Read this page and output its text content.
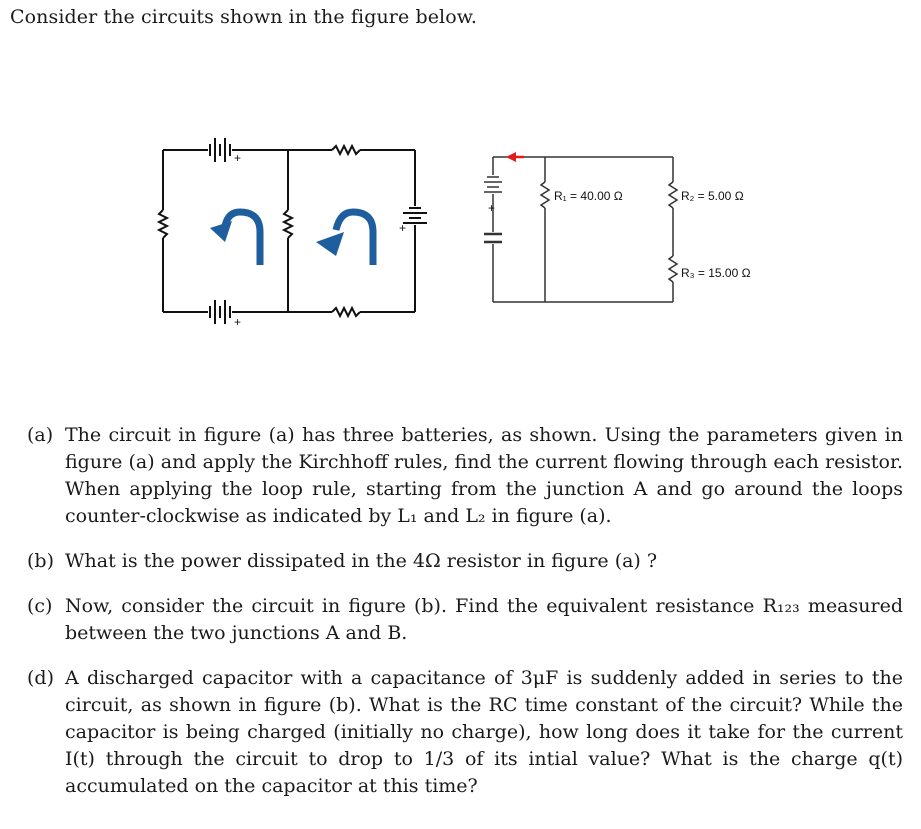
Consider the circuits shown in the figure below.
+
+
+
+
R₁ = 40.00 Ω	R₂ = 5.00 Ω
R₃ = 15.00 Ω
(a) The circuit in figure (a) has three batteries, as shown. Using the parameters given in figure (a) and apply the Kirchhoff rules, find the current flowing through each resistor. When applying the loop rule, starting from the junction A and go around the loops counter-clockwise as indicated by L₁ and L₂ in figure (a).
(b) What is the power dissipated in the 4Ω resistor in figure (a) ?
(c) Now, consider the circuit in figure (b). Find the equivalent resistance R₁₂₃ measured between the two junctions A and B.
(d) A discharged capacitor with a capacitance of 3μF is suddenly added in series to the circuit, as shown in figure (b). What is the RC time constant of the circuit? While the capacitor is being charged (initially no charge), how long does it take for the current I(t) through the circuit to drop to 1/3 of its intial value? What is the charge q(t) accumulated on the capacitor at this time?
